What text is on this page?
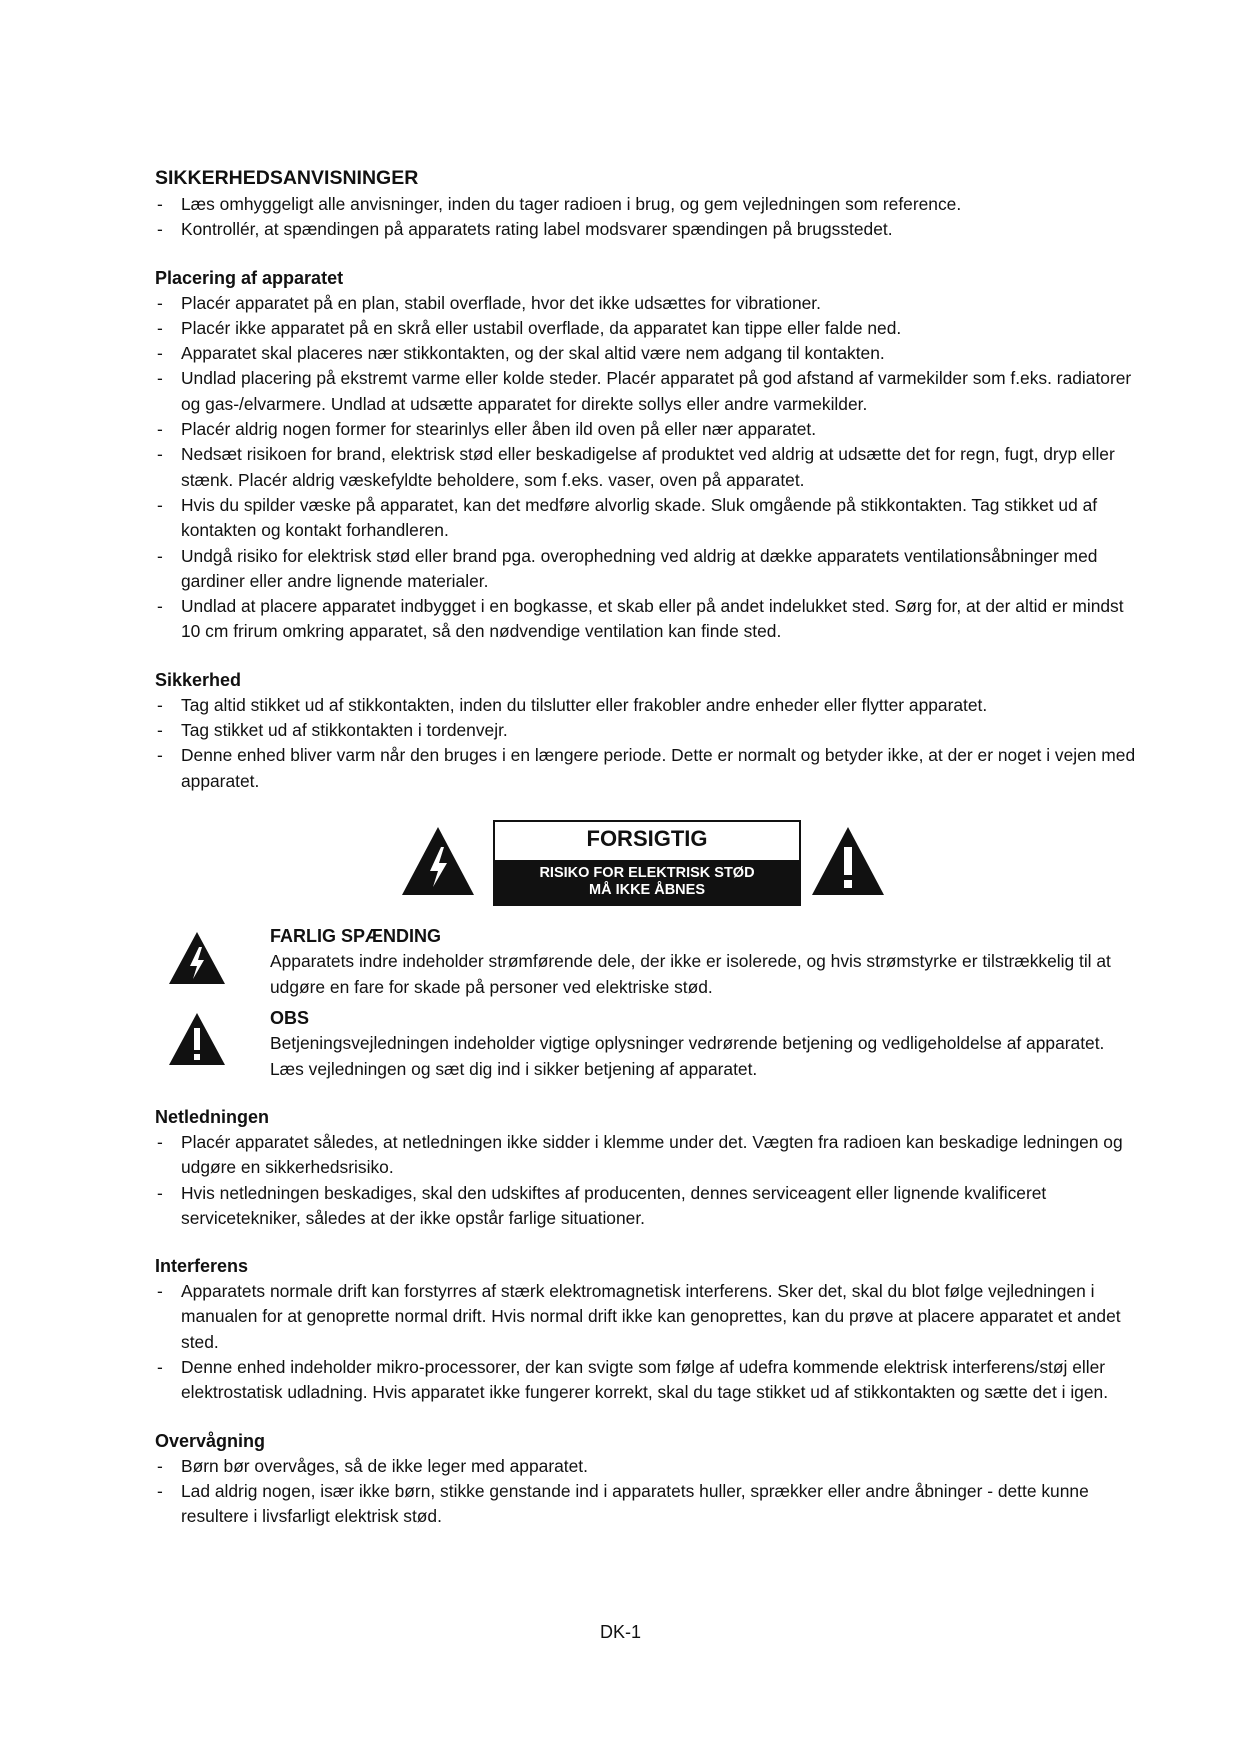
SIKKERHEDSANVISNINGER
- Læs omhyggeligt alle anvisninger, inden du tager radioen i brug, og gem vejledningen som reference.
- Kontrollér, at spændingen på apparatets rating label modsvarer spændingen på brugsstedet.
Placering af apparatet
- Placér apparatet på en plan, stabil overflade, hvor det ikke udsættes for vibrationer.
- Placér ikke apparatet på en skrå eller ustabil overflade, da apparatet kan tippe eller falde ned.
- Apparatet skal placeres nær stikkontakten, og der skal altid være nem adgang til kontakten.
- Undlad placering på ekstremt varme eller kolde steder. Placér apparatet på god afstand af varmekilder som f.eks. radiatorer og gas-/elvarmere. Undlad at udsætte apparatet for direkte sollys eller andre varmekilder.
- Placér aldrig nogen former for stearinlys eller åben ild oven på eller nær apparatet.
- Nedsæt risikoen for brand, elektrisk stød eller beskadigelse af produktet ved aldrig at udsætte det for regn, fugt, dryp eller stænk. Placér aldrig væskefyldte beholdere, som f.eks. vaser, oven på apparatet.
- Hvis du spilder væske på apparatet, kan det medføre alvorlig skade. Sluk omgående på stikkontakten. Tag stikket ud af kontakten og kontakt forhandleren.
- Undgå risiko for elektrisk stød eller brand pga. overophedning ved aldrig at dække apparatets ventilationsåbninger med gardiner eller andre lignende materialer.
- Undlad at placere apparatet indbygget i en bogkasse, et skab eller på andet indelukket sted. Sørg for, at der altid er mindst 10 cm frirum omkring apparatet, så den nødvendige ventilation kan finde sted.
Sikkerhed
- Tag altid stikket ud af stikkontakten, inden du tilslutter eller frakobler andre enheder eller flytter apparatet.
- Tag stikket ud af stikkontakten i tordenvejr.
- Denne enhed bliver varm når den bruges i en længere periode. Dette er normalt og betyder ikke, at der er noget i vejen med apparatet.
FORSIGTIG
RISIKO FOR ELEKTRISK STØD
MÅ IKKE ÅBNES
FARLIG SPÆNDING
Apparatets indre indeholder strømførende dele, der ikke er isolerede, og hvis strømstyrke er tilstrækkelig til at udgøre en fare for skade på personer ved elektriske stød.
OBS
Betjeningsvejledningen indeholder vigtige oplysninger vedrørende betjening og vedligeholdelse af apparatet. Læs vejledningen og sæt dig ind i sikker betjening af apparatet.
Netledningen
- Placér apparatet således, at netledningen ikke sidder i klemme under det. Vægten fra radioen kan beskadige ledningen og udgøre en sikkerhedsrisiko.
- Hvis netledningen beskadiges, skal den udskiftes af producenten, dennes serviceagent eller lignende kvalificeret servicetekniker, således at der ikke opstår farlige situationer.
Interferens
- Apparatets normale drift kan forstyrres af stærk elektromagnetisk interferens. Sker det, skal du blot følge vejledningen i manualen for at genoprette normal drift. Hvis normal drift ikke kan genoprettes, kan du prøve at placere apparatet et andet sted.
- Denne enhed indeholder mikro-processorer, der kan svigte som følge af udefra kommende elektrisk interferens/støj eller elektrostatisk udladning. Hvis apparatet ikke fungerer korrekt, skal du tage stikket ud af stikkontakten og sætte det i igen.
Overvågning
- Børn bør overvåges, så de ikke leger med apparatet.
- Lad aldrig nogen, især ikke børn, stikke genstande ind i apparatets huller, sprækker eller andre åbninger - dette kunne resultere i livsfarligt elektrisk stød.
DK-1
